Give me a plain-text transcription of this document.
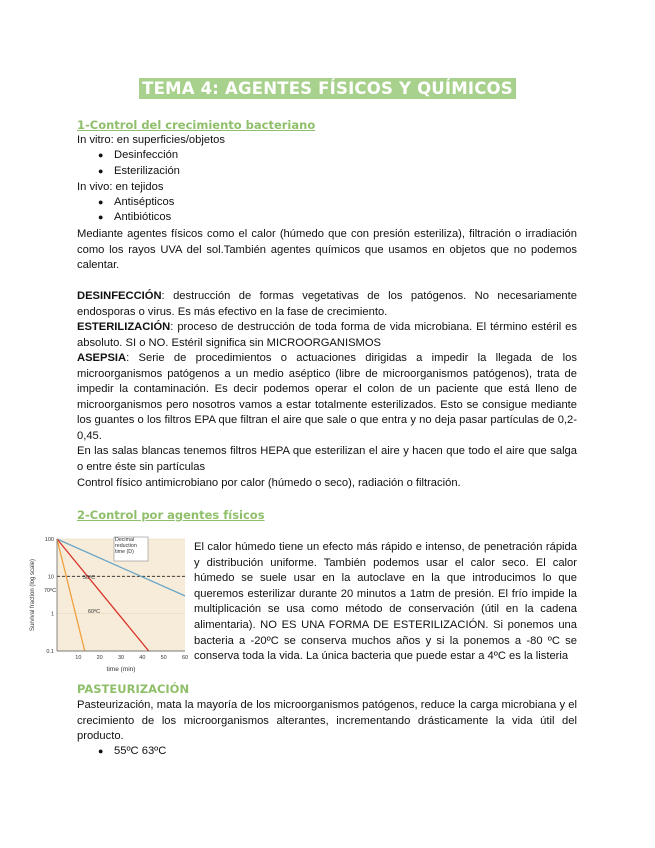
TEMA 4: AGENTES FÍSICOS Y QUÍMICOS
1-Control del crecimiento bacteriano
In vitro: en superficies/objetos
● Desinfección
● Esterilización
In vivo: en tejidos
● Antisépticos
● Antibióticos

Mediante agentes físicos como el calor (húmedo que con presión esteriliza), filtración o irradiación como los rayos UVA del sol.También agentes químicos que usamos en objetos que no podemos calentar.

DESINFECCIÓN: destrucción de formas vegetativas de los patógenos. No necesariamente endosporas o virus. Es más efectivo en la fase de crecimiento.

ESTERILIZACIÓN: proceso de destrucción de toda forma de vida microbiana. El término estéril es absoluto. SI o NO. Estéril significa sin MICROORGANISMOS

ASEPSIA: Serie de procedimientos o actuaciones dirigidas a impedir la llegada de los microorganismos patógenos a un medio aséptico (libre de microorganismos patógenos), trata de impedir la contaminación. Es decir podemos operar el colon de un paciente que está lleno de microorganismos pero nosotros vamos a estar totalmente esterilizados. Esto se consigue mediante los guantes o los filtros EPA que filtran el aire que sale o que entra y no deja pasar partículas de 0,2-0,45.

En las salas blancas tenemos filtros HEPA que esterilizan el aire y hacen que todo el aire que salga o entre éste sin partículas

Control físico antimicrobiano por calor (húmedo o seco), radiación o filtración.

2-Control por agentes físicos
100
10
1
0.1
10	20	30	40	50	60
50ºC
60ºC
70ºC
time (min)
Survival fraction (log scale)
Decimal reduction time (D)	El calor húmedo tiene un efecto más rápido e intenso, de penetración rápida y distribución uniforme. También podemos usar el calor seco. El calor húmedo se suele usar en la autoclave en la que introducimos lo que queremos esterilizar durante 20 minutos a 1atm de presión. El frío impide la multiplicación se usa como método de conservación (útil en la cadena alimentaria). NO ES UNA FORMA DE ESTERILIZACIÓN. Si ponemos una bacteria a -20ºC se conserva muchos años y si la ponemos a -80 ºC se conserva toda la vida. La única bacteria que puede estar a 4ºC es la listeria

PASTEURIZACIÓN

Pasteurización, mata la mayoría de los microorganismos patógenos, reduce la carga microbiana y el crecimiento de los microorganismos alterantes, incrementando drásticamente la vida útil del producto.

● 55ºC 63ºC
